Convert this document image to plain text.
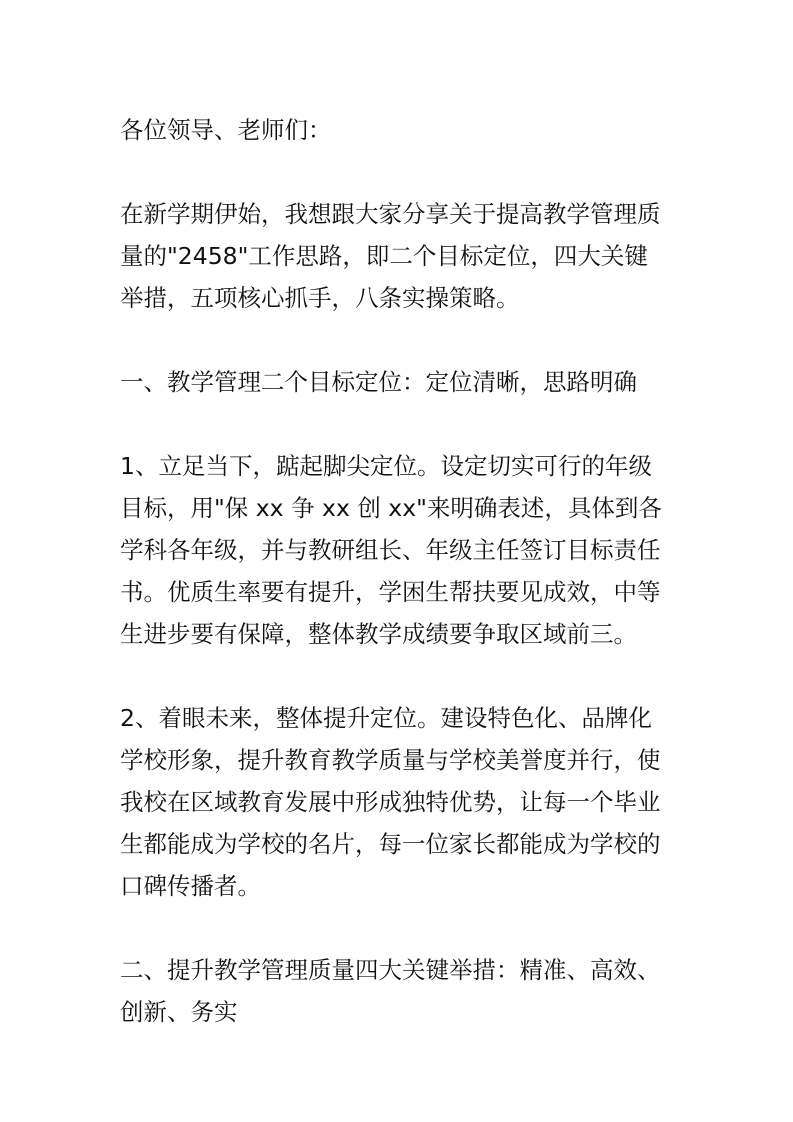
各位领导、老师们：

在新学期伊始，我想跟大家分享关于提高教学管理质
量的"2458"工作思路，即二个目标定位，四大关键
举措，五项核心抓手，八条实操策略。

一、教学管理二个目标定位：定位清晰，思路明确

1、立足当下，踮起脚尖定位。设定切实可行的年级
目标，用"保 xx 争 xx 创 xx"来明确表述，具体到各
学科各年级，并与教研组长、年级主任签订目标责任
书。优质生率要有提升，学困生帮扶要见成效，中等
生进步要有保障，整体教学成绩要争取区域前三。

2、着眼未来，整体提升定位。建设特色化、品牌化
学校形象，提升教育教学质量与学校美誉度并行，使
我校在区域教育发展中形成独特优势，让每一个毕业
生都能成为学校的名片，每一位家长都能成为学校的
口碑传播者。

二、提升教学管理质量四大关键举措：精准、高效、
创新、务实
